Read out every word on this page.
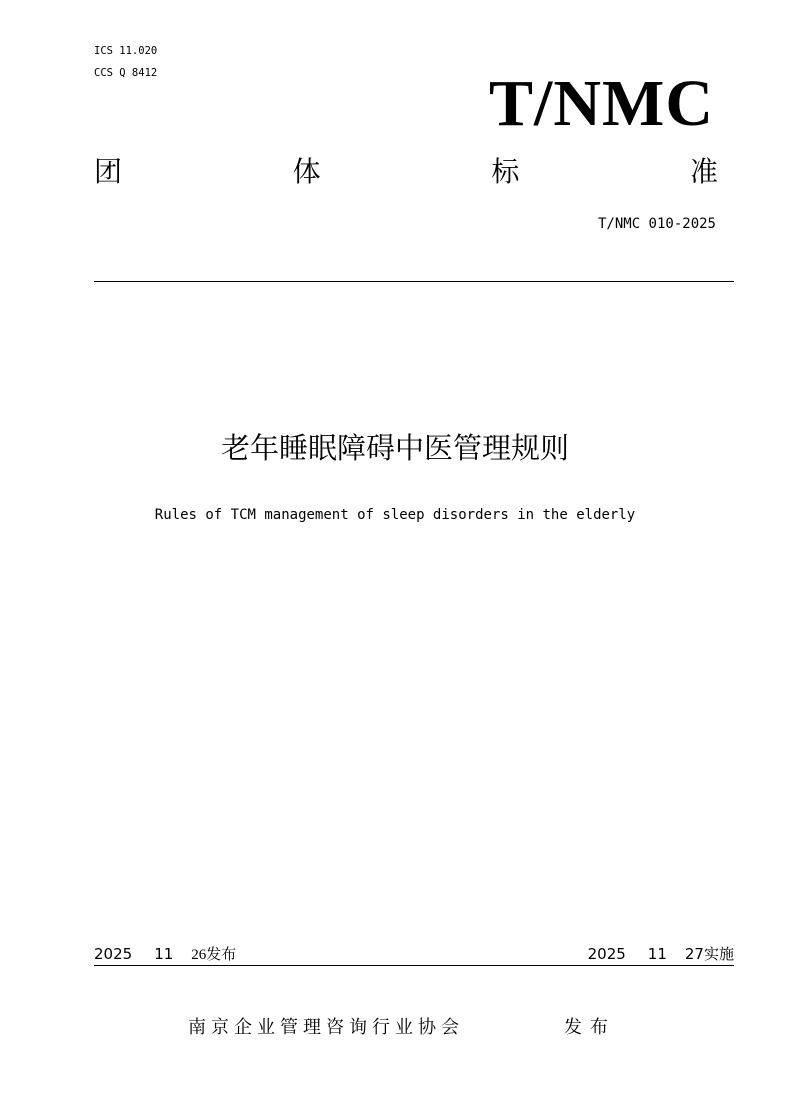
ICS 11.020
CCS Q 8412	T/NMC
团	体	标	准
T/NMC 010-2025
老年睡眠障碍中医管理规则
Rules of TCM management of sleep disorders in the elderly
2025 11 26发布	2025 11 27实施
南京企业管理咨询行业协会	发布
